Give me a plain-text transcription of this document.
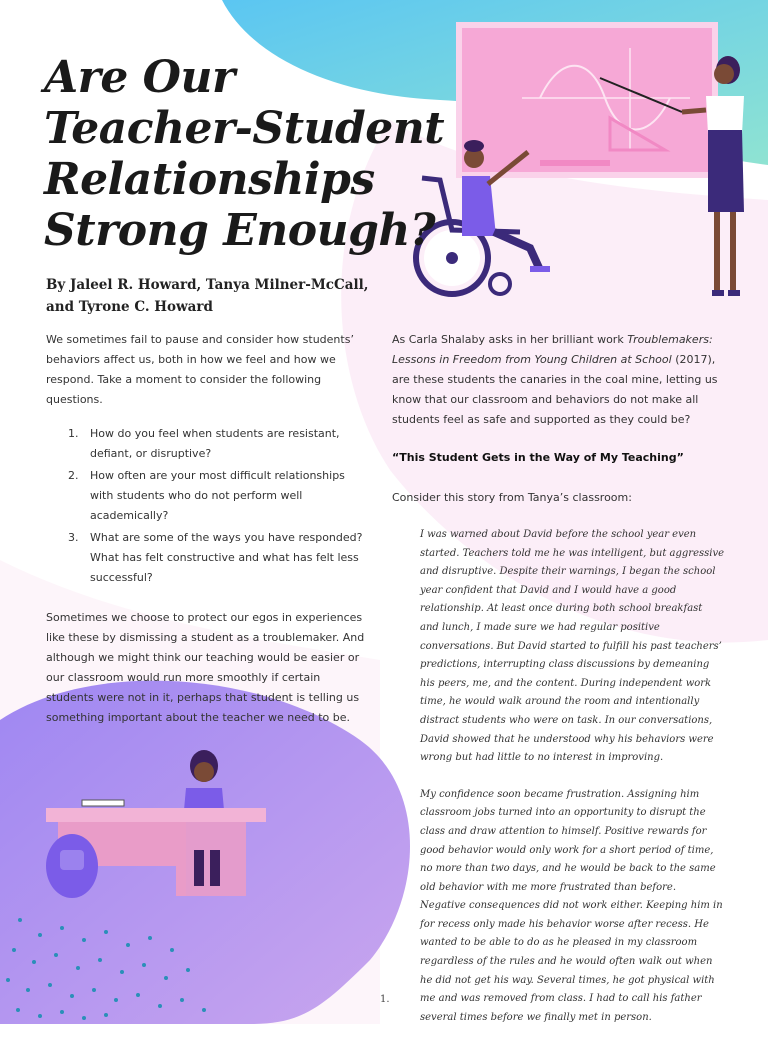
Are Our
Teacher-Student
Relationships
Strong Enough?

By Jaleel R. Howard, Tanya Milner-McCall,
and Tyrone C. Howard

We sometimes fail to pause and consider how students’ behaviors affect us, both in how we feel and how we respond. Take a moment to consider the following questions.

1. How do you feel when students are resistant, defiant, or disruptive?
2. How often are your most difficult relationships with students who do not perform well academically?
3. What are some of the ways you have responded? What has felt constructive and what has felt less successful?

Sometimes we choose to protect our egos in experiences like these by dismissing a student as a troublemaker. And although we might think our teaching would be easier or our classroom would run more smoothly if certain students were not in it, perhaps that student is telling us something important about the teacher we need to be.

As Carla Shalaby asks in her brilliant work Troublemakers: Lessons in Freedom from Young Children at School (2017), are these students the canaries in the coal mine, letting us know that our classroom and behaviors do not make all students feel as safe and supported as they could be?

“This Student Gets in the Way of My Teaching”

Consider this story from Tanya’s classroom:

I was warned about David before the school year even started. Teachers told me he was intelligent, but aggressive and disruptive. Despite their warnings, I began the school year confident that David and I would have a good relationship. At least once during both school breakfast and lunch, I made sure we had regular positive conversations. But David started to fulfill his past teachers’ predictions, interrupting class discussions by demeaning his peers, me, and the content. During independent work time, he would walk around the room and intentionally distract students who were on task. In our conversations, David showed that he understood why his behaviors were wrong but had little to no interest in improving.

My confidence soon became frustration. Assigning him classroom jobs turned into an opportunity to disrupt the class and draw attention to himself. Positive rewards for good behavior would only work for a short period of time, no more than two days, and he would be back to the same old behavior with me more frustrated than before. Negative consequences did not work either. Keeping him in for recess only made his behavior worse after recess. He wanted to be able to do as he pleased in my classroom regardless of the rules and he would often walk out when he did not get his way. Several times, he got physical with me and was removed from class. I had to call his father several times before we finally met in person.

1.
